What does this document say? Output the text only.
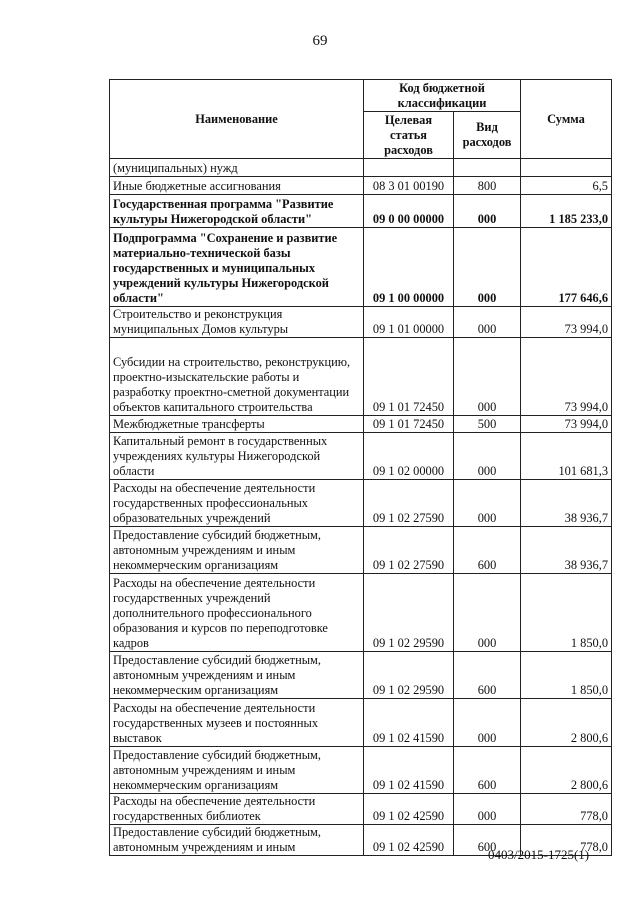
69
Наименование	Код бюджетной классификации		Сумма
	Целевая статья расходов	Вид расходов	
(муниципальных) нужд			
Иные бюджетные ассигнования	08 3 01 00190	800	6,5
Государственная программа "Развитие культуры Нижегородской области"	09 0 00 00000	000	1 185 233,0
Подпрограмма "Сохранение и развитие материально-технической базы государственных и муниципальных учреждений культуры Нижегородской области"	09 1 00 00000	000	177 646,6
Строительство и реконструкция муниципальных Домов культуры	09 1 01 00000	000	73 994,0
Субсидии на строительство, реконструкцию, проектно-изыскательские работы и разработку проектно-сметной документации объектов капитального строительства	09 1 01 72450	000	73 994,0
Межбюджетные трансферты	09 1 01 72450	500	73 994,0
Капитальный ремонт в государственных учреждениях культуры Нижегородской области	09 1 02 00000	000	101 681,3
Расходы на обеспечение деятельности государственных профессиональных образовательных учреждений	09 1 02 27590	000	38 936,7
Предоставление субсидий бюджетным, автономным учреждениям и иным некоммерческим организациям	09 1 02 27590	600	38 936,7
Расходы на обеспечение деятельности государственных учреждений дополнительного профессионального образования и курсов по переподготовке кадров	09 1 02 29590	000	1 850,0
Предоставление субсидий бюджетным, автономным учреждениям и иным некоммерческим организациям	09 1 02 29590	600	1 850,0
Расходы на обеспечение деятельности государственных музеев и постоянных выставок	09 1 02 41590	000	2 800,6
Предоставление субсидий бюджетным, автономным учреждениям и иным некоммерческим организациям	09 1 02 41590	600	2 800,6
Расходы на обеспечение деятельности государственных библиотек	09 1 02 42590	000	778,0
Предоставление субсидий бюджетным, автономным учреждениям и иным	09 1 02 42590	600	778,0
0403/2015-1725(1)
